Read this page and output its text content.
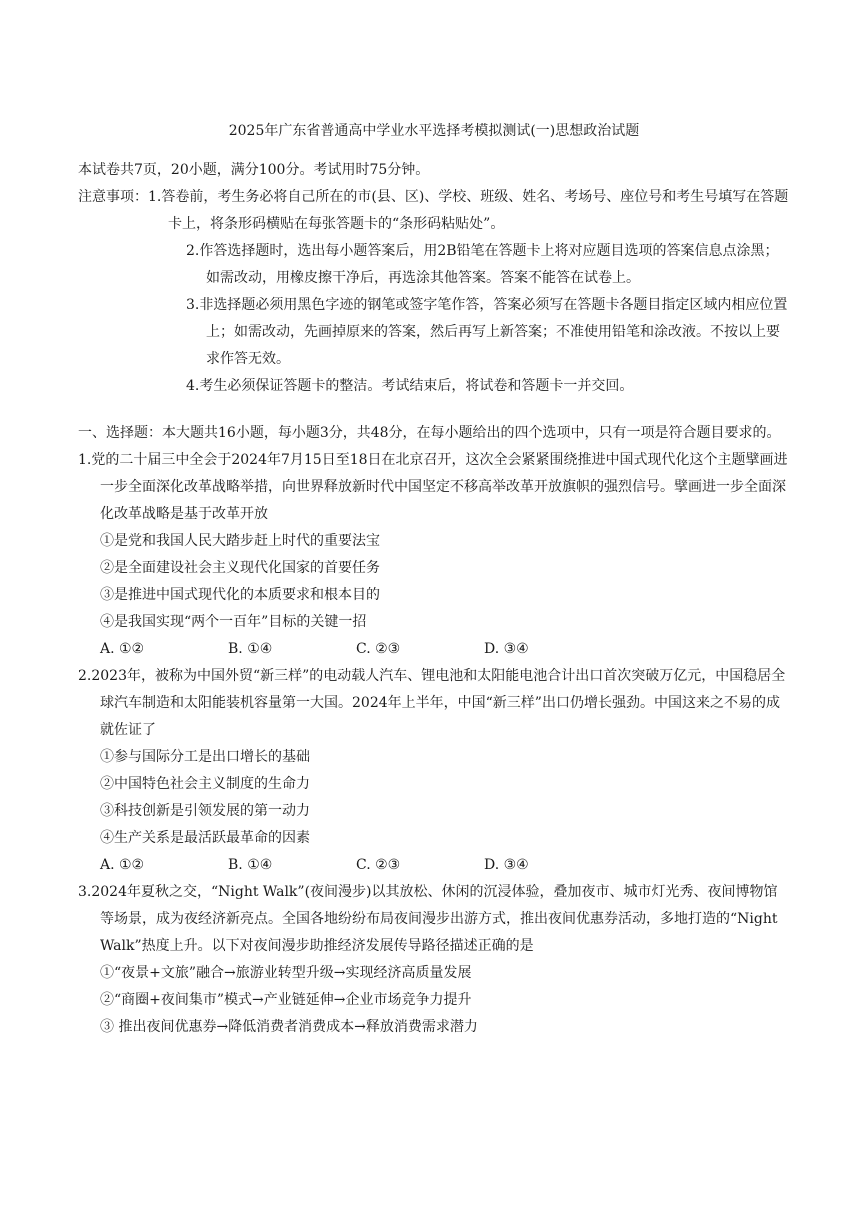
2025年广东省普通高中学业水平选择考模拟测试(一)思想政治试题
本试卷共7页，20小题，满分100分。考试用时75分钟。
注意事项： 1.答卷前，考生务必将自己所在的市(县、区)、学校、班级、姓名、考场号、座位号和考生号填写在答题卡上，将条形码横贴在每张答题卡的“条形码粘贴处”。
2.作答选择题时，选出每小题答案后，用2B铅笔在答题卡上将对应题目选项的答案信息点涂黑；如需改动，用橡皮擦干净后，再选涂其他答案。答案不能答在试卷上。
3.非选择题必须用黑色字迹的钢笔或签字笔作答，答案必须写在答题卡各题目指定区域内相应位置上；如需改动，先画掉原来的答案，然后再写上新答案；不准使用铅笔和涂改液。不按以上要求作答无效。
4.考生必须保证答题卡的整洁。考试结束后，将试卷和答题卡一并交回。
一、选择题：本大题共16小题，每小题3分，共48分，在每小题给出的四个选项中，只有一项是符合题目要求的。
1.党的二十届三中全会于2024年7月15日至18日在北京召开，这次全会紧紧围绕推进中国式现代化这个主题擘画进一步全面深化改革战略举措，向世界释放新时代中国坚定不移高举改革开放旗帜的强烈信号。擘画进一步全面深化改革战略是基于改革开放
①是党和我国人民大踏步赶上时代的重要法宝
②是全面建设社会主义现代化国家的首要任务
③是推进中国式现代化的本质要求和根本目的
④是我国实现“两个一百年”目标的关键一招
A. ①②	B. ①④	C. ②③	D. ③④
2.2023年，被称为中国外贸“新三样”的电动载人汽车、锂电池和太阳能电池合计出口首次突破万亿元，中国稳居全球汽车制造和太阳能装机容量第一大国。2024年上半年，中国“新三样”出口仍增长强劲。中国这来之不易的成就佐证了
①参与国际分工是出口增长的基础
②中国特色社会主义制度的生命力
③科技创新是引领发展的第一动力
④生产关系是最活跃最革命的因素
A. ①②	B. ①④	C. ②③	D. ③④
3.2024年夏秋之交，“Night Walk”(夜间漫步)以其放松、休闲的沉浸体验，叠加夜市、城市灯光秀、夜间博物馆等场景，成为夜经济新亮点。全国各地纷纷布局夜间漫步出游方式，推出夜间优惠券活动，多地打造的“Night Walk”热度上升。以下对夜间漫步助推经济发展传导路径描述正确的是
①“夜景+文旅”融合→旅游业转型升级→实现经济高质量发展
②“商圈+夜间集市”模式→产业链延伸→企业市场竞争力提升
③ 推出夜间优惠券→降低消费者消费成本→释放消费需求潜力
